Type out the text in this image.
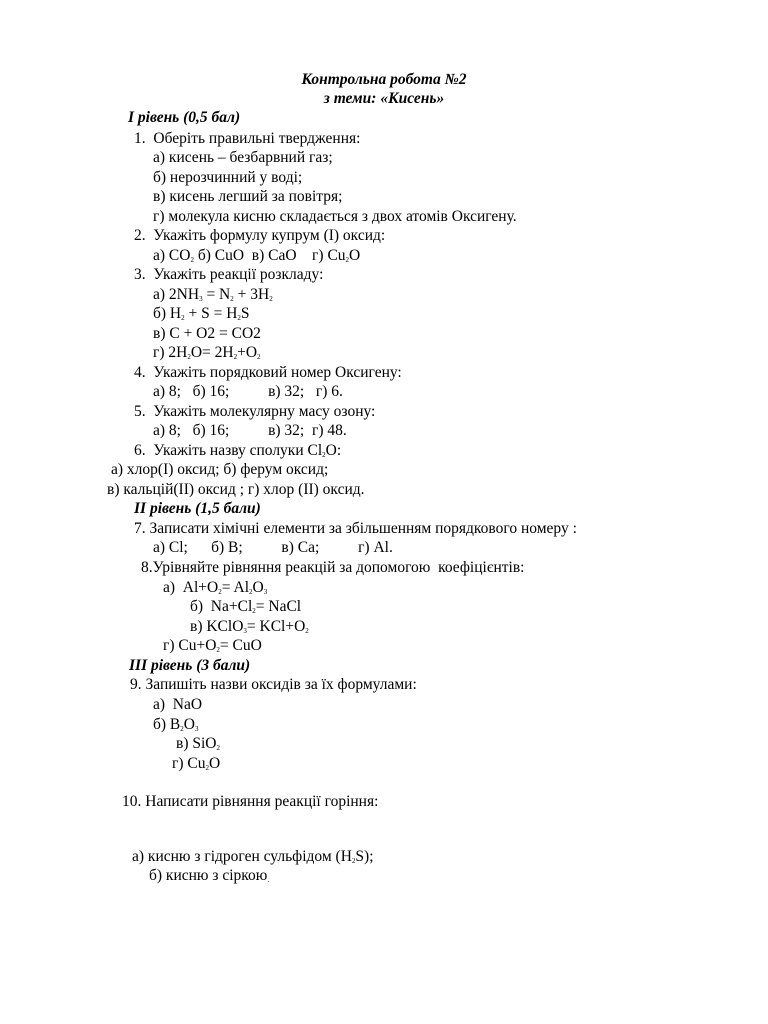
Контрольна робота №2
з теми: «Кисень»
І рівень (0,5 бал)
1.  Оберіть правильні твердження:
а) кисень – безбарвний газ;
б) нерозчинний у воді;
в) кисень легший за повітря;
г) молекула кисню складається з двох атомів Оксигену.
2.  Укажіть формулу купрум (І) оксид:
а) $CO_2$ б) CuO  в) CaO    г) $Cu_2O$
3.  Укажіть реакції розкладу:
а) $2NH_3 = N_2 + 3H_2$
б) $H_2 + S = H_2S$
в) C + O2 = CO2
г) $2H_2O= 2H_2+O_2$
4.  Укажіть порядковий номер Оксигену:
а) 8;   б) 16;          в) 32;   г) 6.
5.  Укажіть молекулярну масу озону:
а) 8;   б) 16;          в) 32;  г) 48.
6.  Укажіть назву сполуки $Cl_2O$:
а) хлор(І) оксид; б) ферум оксид;
в) кальцій(ІІ) оксид ; г) хлор (ІІ) оксид.
ІІ рівень (1,5 бали)
7. Записати хімічні елементи за збільшенням порядкового номеру :
а) Cl;      б) B;          в) Ca;          г) Al.
8.Урівняйте рівняння реакцій за допомогою  коефіцієнтів:
а)  $Al+O_2= Al_2O_3$
б)  $Na+Cl_2=$ NaCl
в) KClO$_3$= $KCl+O_2$
г) $Cu+O_2=$ CuO
ІІІ рівень (3 бали)
9. Запишіть назви оксидів за їх формулами:
а)  NaO
б) $B_2O_3$
в) SiO$_2$
г) $Cu_2O$
10. Написати рівняння реакції горіння:
а) кисню з гідроген сульфідом $(H_2S)$;
б) кисню з сіркою$_.$
